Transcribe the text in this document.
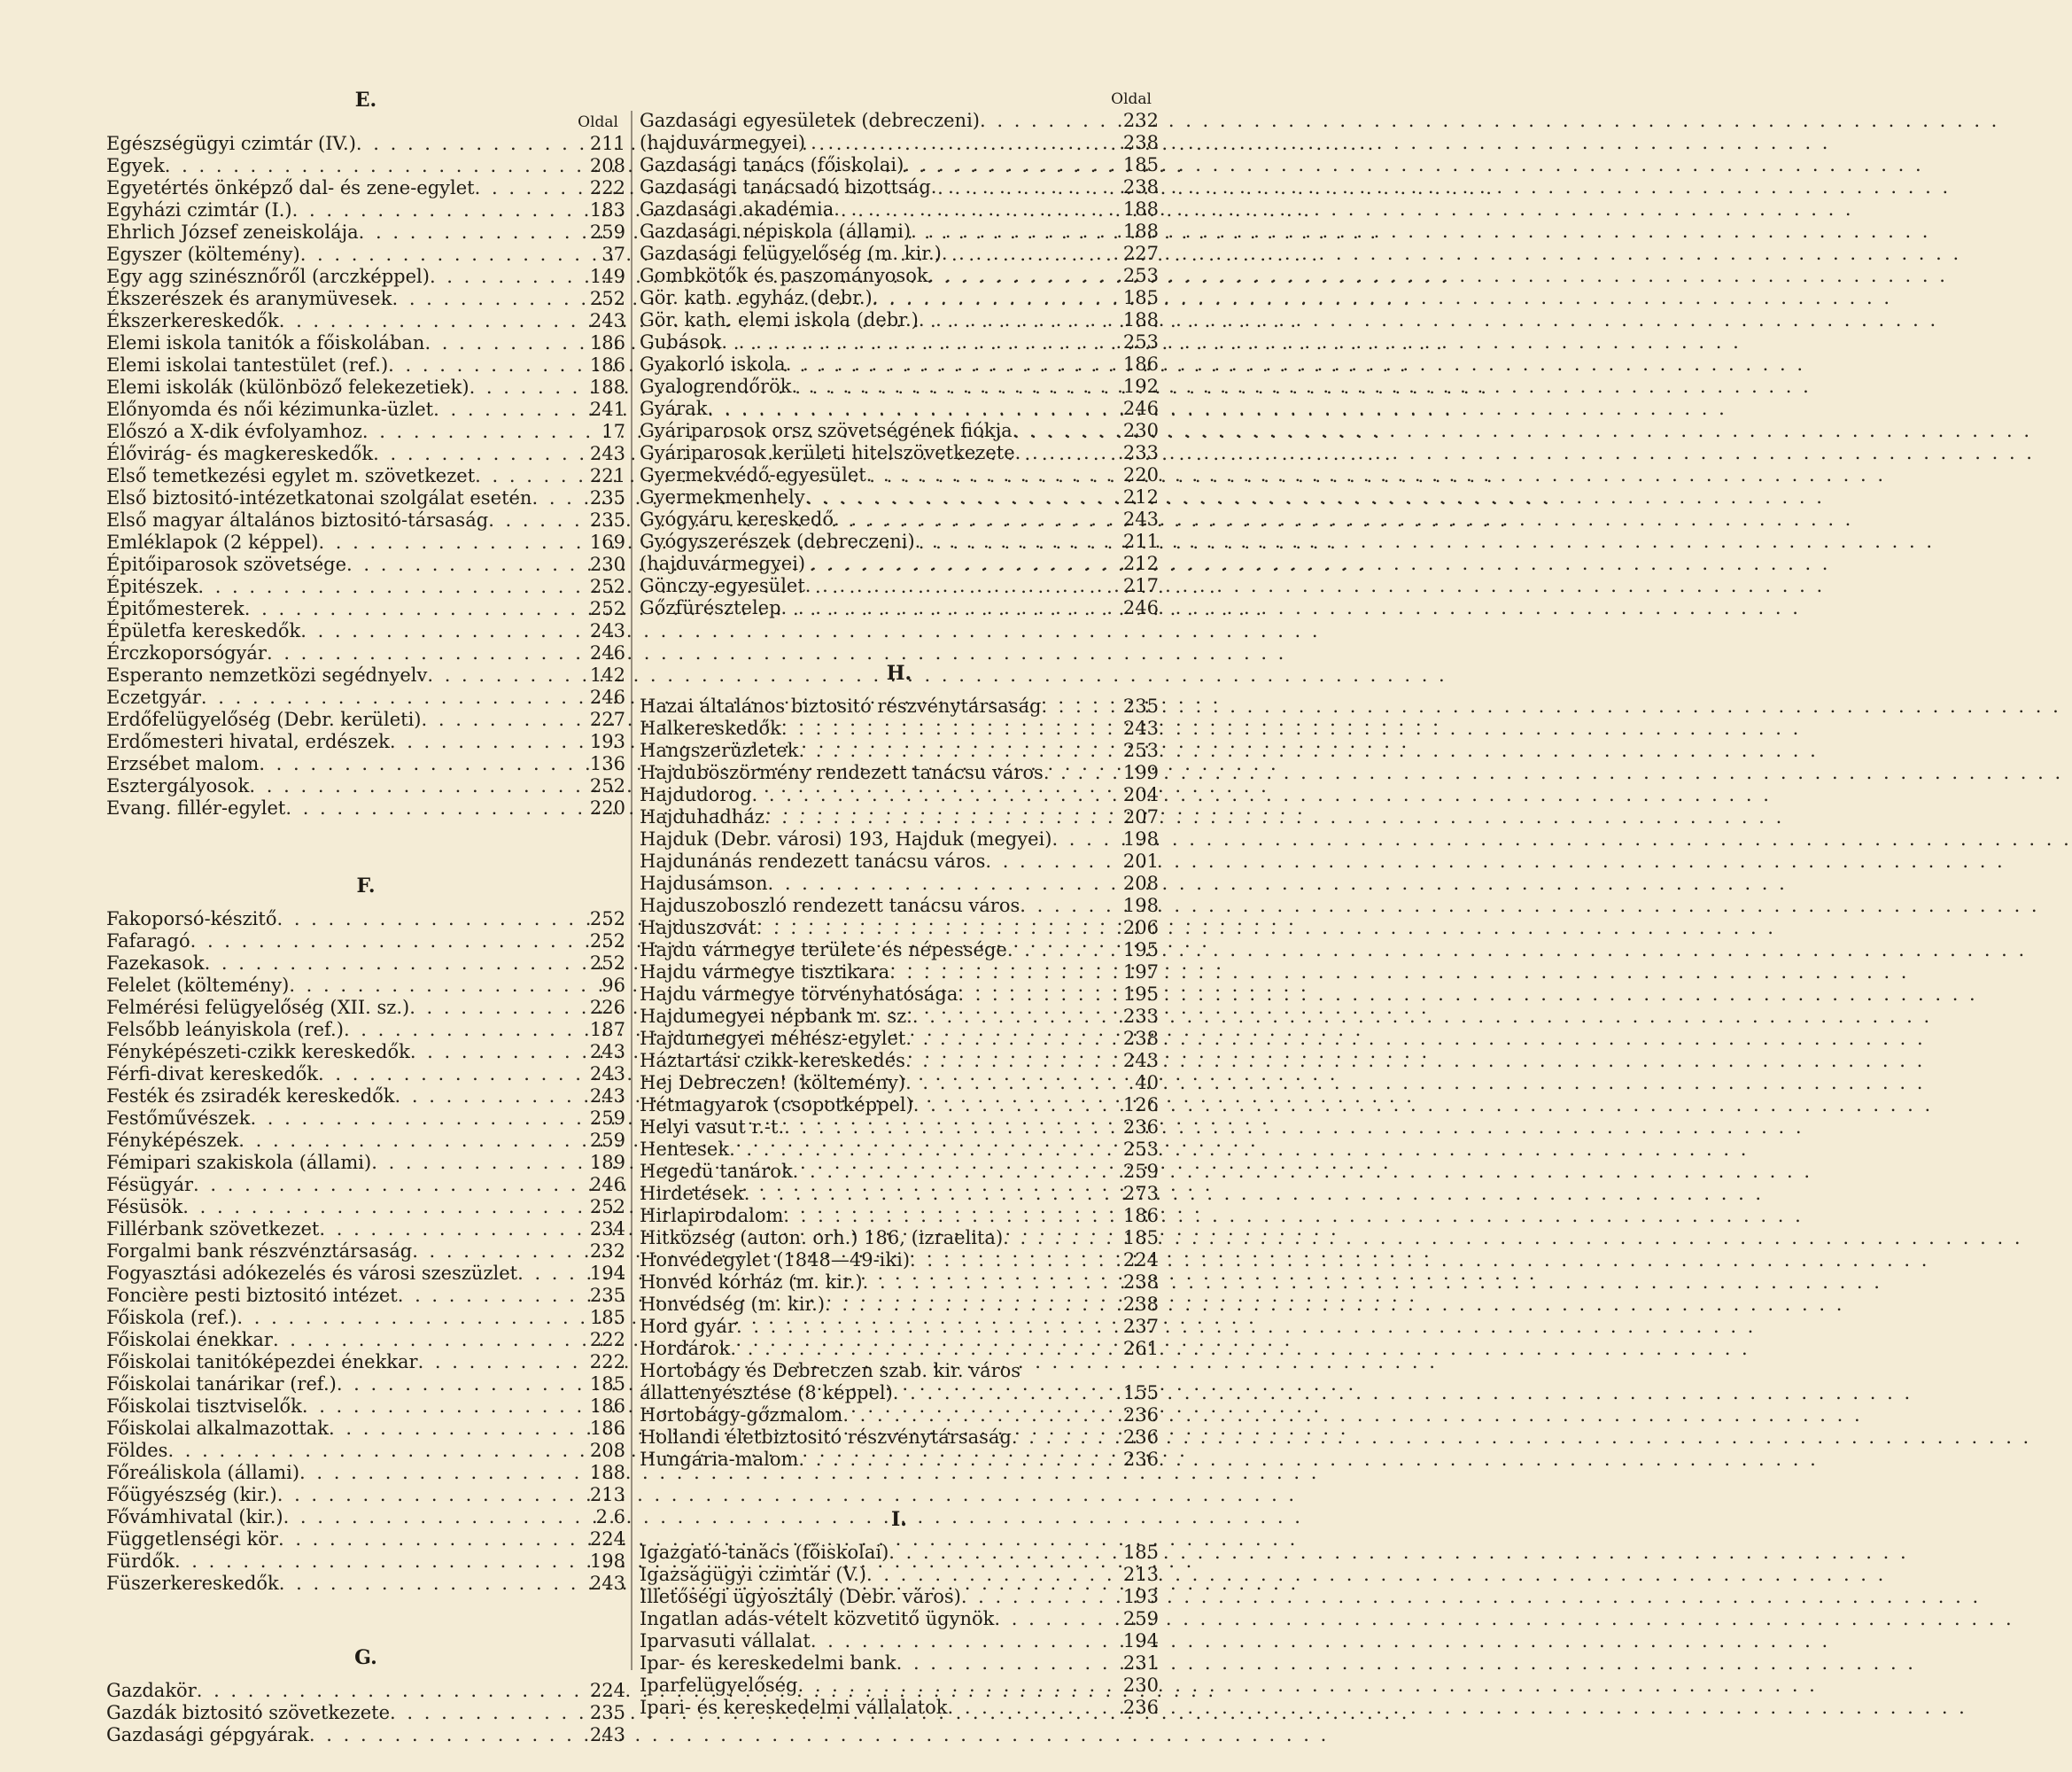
E.
Oldal
Egészségügyi czimtár (IV.) . . .	211
Egyek . . .	208
Egyetértés önképző dal- és zene-egylet . . .	222
Egyházi czimtár (I.) . . .	183
Ehrlich József zeneiskolája . . .	259
Egyszer (költemény) . . .	37
Egy agg szinésznőről (arczképpel) . . .	149
Ékszerészek és aranymüvesek . . .	252
Ékszerkereskedők . . .	243
Elemi iskola tanitók a főiskolában . . .	186
Elemi iskolai tantestület (ref.) . . .	186
Elemi iskolák (különböző felekezetiek) . . .	188
Előnyomda és női kézimunka-üzlet . . .	241
Előszó a X-dik évfolyamhoz . . .	17
Élővirág- és magkereskedők . . .	243
Első temetkezési egylet m. szövetkezet . . .	221
Első biztositó-intézetkatonai szolgálat esetén . . .	235
Első magyar általános biztositó-társaság . . .	235
Emléklapok (2 képpel) . . .	169
Épitőiparosok szövetsége . . .	230
Épitészek . . .	252
Épitőmesterek . . .	252
Épületfa kereskedők . . .	243
Érczkoporsógyár . . .	246
Esperanto nemzetközi segédnyelv . . .	142
Eczetgyár . . .	246
Erdőfelügyelőség (Debr. kerületi) . . .	227
Erdőmesteri hivatal, erdészek . . .	193
Erzsébet malom . . .	136
Esztergályosok . . .	252
Evang. fillér-egylet . . .	220
F.
Fakoporsó-készitő . . .	252
Fafaragó . . .	252
Fazekasok . . .	252
Felelet (költemény) . . .	96
Felmérési felügyelőség (XII. sz.) . . .	226
Felsőbb leányiskola (ref.) . . .	187
Fényképészeti-czikk kereskedők . . .	243
Férfi-divat kereskedők . . .	243
Festék és zsiradék kereskedők . . .	243
Festőművészek . . .	259
Fényképészek . . .	259
Fémipari szakiskola (állami) . . .	189
Fésügyár . . .	246
Fésüsök . . .	252
Fillérbank szövetkezet . . .	234
Forgalmi bank részvénztársaság . . .	232
Fogyasztási adókezelés és városi szeszüzlet . . .	194
Foncière pesti biztositó intézet . . .	235
Főiskola (ref.) . . .	185
Főiskolai énekkar . . .	222
Főiskolai tanitóképezdei énekkar . . .	222
Főiskolai tanárikar (ref.) . . .	185
Főiskolai tisztviselők . . .	186
Főiskolai alkalmazottak . . .	186
Földes . . .	208
Főreáliskola (állami) . . .	188
Főügyészség (kir.) . . .	213
Fővámhivatal (kir.) . . .	2 6
Függetlenségi kör . . .	224
Fürdők . . .	198
Füszerkereskedők . . .	243
G.
Gazdakör . . .	224
Gazdák biztositó szövetkezete . . .	235
Gazdasági gépgyárak . . .	243
Oldal
Gazdasági egyesületek (debreczeni) . . .	232
(hajduvármegyei) . . .	238
Gazdasági tanács (főiskolai) . . .	185
Gazdasági tanácsadó bizottság . . .	238
Gazdasági akadémia . . .	188
Gazdasági népiskola (állami) . . .	188
Gazdasági felügyelőség (m. kir.) . . .	227
Gombkötők és paszományosok . . .	253
Gör. kath. egyház (debr.) . . .	185
Gör. kath. elemi iskola (debr.) . . .	188
Gubások . . .	253
Gyakorló iskola . . .	186
Gyalogrendőrök . . .	192
Gyárak . . .	246
Gyáriparosok orsz szövetségének fiókja . . .	230
Gyáriparosok kerületi hitelszövetkezete . . .	233
Gyermekvédő-egyesület . . .	220
Gyermekmenhely . . .	212
Gyógyáru kereskedő . . .	243
Gyógyszerészek (debreczeni) . . .	211
(hajduvármegyei) . . .	212
Gönczy-egyesület . . .	217
Gőzfürésztelep . . .	246
H.
Hazai általános biztositó részvénytársaság . . .	235
Halkereskedők . . .	243
Hangszerüzletek . . .	253
Hajduböszörmény rendezett tanácsu város . . .	199
Hajdudorog . . .	204
Hajduhadház . . .	207
Hajduk (Debr. városi) 193, Hajduk (megyei) . . .	198
Hajdunánás rendezett tanácsu város . . .	201
Hajdusámson . . .	208
Hajduszoboszló rendezett tanácsu város . . .	198
Hajduszovát . . .	206
Hajdu vármegye területe és népessége . . .	195
Hajdu vármegye tisztikara . . .	197
Hajdu vármegye törvényhatósága . . .	195
Hajdumegyei népbank m. sz. . . .	233
Hajdumegyei méhész-egylet . . .	238
Háztartási czikk-kereskedés . . .	243
Hej Debreczen! (költemény) . . .	40
Hétmagyarok (csopotképpel) . . .	126
Helyi vasut r.-t. . . .	236
Hentesek . . .	253
Hegedü tanárok . . .	259
Hirdetések . . .	273
Hirlapirodalom . . .	186
Hitközség (auton. orh.) 186, (izraelita) . . .	185
Honvédegylet (1848—49-iki) . . .	224
Honvéd kórház (m. kir.) . . .	238
Honvédség (m. kir.) . . .	238
Hord gyár . . .	237
Hordárok . . .	261
Hortobágy és Debreczen szab. kir. város
állattenyésztése (8 képpel) . . .	155
Hortobágy-gőzmalom . . .	236
Hollandi életbiztositó részvénytársaság . . .	236
Hungária-malom . . .	236
I.
Igazgató-tanács (főiskolai) . . .	185
Igazságügyi czimtár (V.) . . .	213
Illetőségi ügyosztály (Debr. város) . . .	193
Ingatlan adás-vételt közvetitő ügynök . . .	259
Iparvasuti vállalat . . .	194
Ipar- és kereskedelmi bank . . .	231
Iparfelügyelőség . . .	230
Ipari- és kereskedelmi vállalatok . . .	236
